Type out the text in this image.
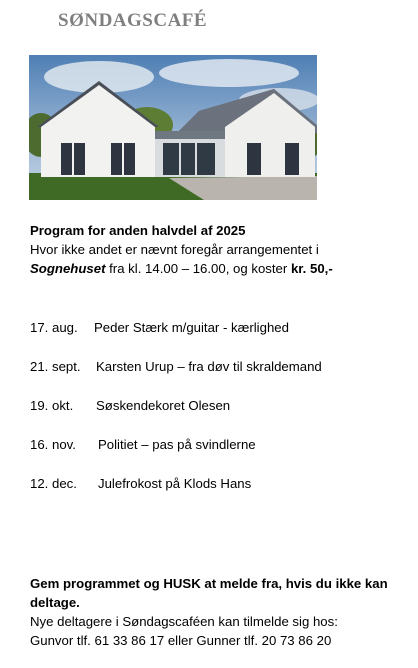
SØNDAGSCAFÉ
Program for anden halvdel af 2025
Hvor ikke andet er nævnt foregår arrangementet i
Sognehuset fra kl. 14.00 – 16.00, og koster kr. 50,-
17. aug. Peder Stærk m/guitar - kærlighed
21. sept. Karsten Urup – fra døv til skraldemand
19. okt. Søskendekoret Olesen
16. nov. Politiet – pas på svindlerne
12. dec. Julefrokost på Klods Hans
Gem programmet og HUSK at melde fra, hvis du ikke kan
deltage.
Nye deltagere i Søndagscaféen kan tilmelde sig hos:
Gunvor tlf. 61 33 86 17 eller Gunner tlf. 20 73 86 20
